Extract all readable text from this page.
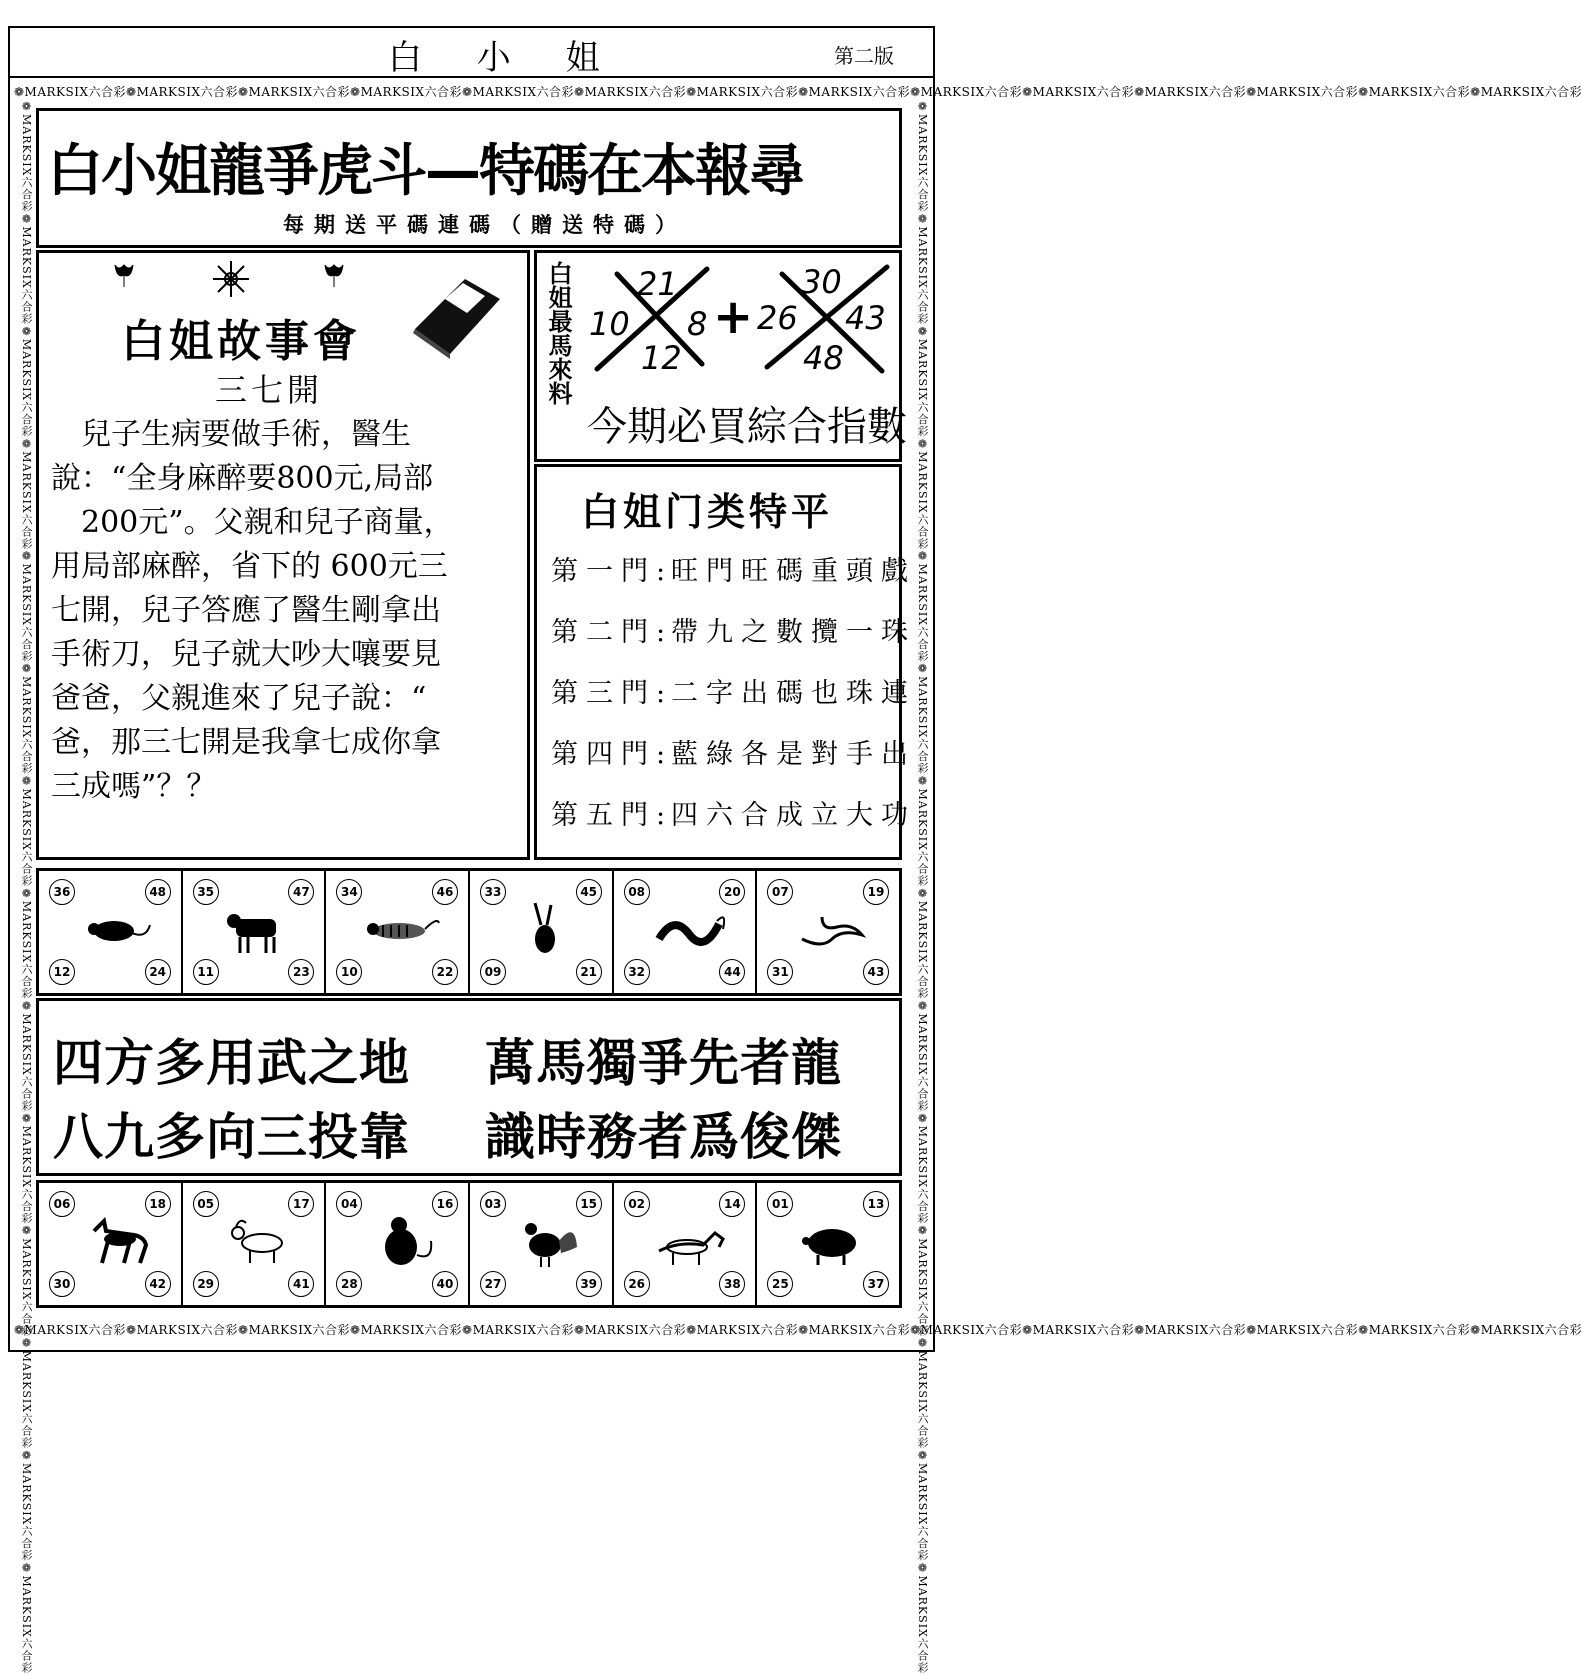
白 小 姐	第二版
❁MARKSIX六合彩❁MARKSIX六合彩❁MARKSIX六合彩❁MARKSIX六合彩❁MARKSIX六合彩❁MARKSIX六合彩❁MARKSIX六合彩❁MARKSIX六合彩❁MARKSIX六合彩❁MARKSIX六合彩❁MARKSIX六合彩❁MARKSIX六合彩❁MARKSIX六合彩❁MARKSIX六合彩
❁MARKSIX六合彩❁MARKSIX六合彩❁MARKSIX六合彩❁MARKSIX六合彩❁MARKSIX六合彩❁MARKSIX六合彩❁MARKSIX六合彩❁MARKSIX六合彩❁MARKSIX六合彩❁MARKSIX六合彩❁MARKSIX六合彩❁MARKSIX六合彩❁MARKSIX六合彩❁MARKSIX六合彩
❁MARKSIX六合彩❁MARKSIX六合彩❁MARKSIX六合彩❁MARKSIX六合彩❁MARKSIX六合彩❁MARKSIX六合彩❁MARKSIX六合彩❁MARKSIX六合彩❁MARKSIX六合彩❁MARKSIX六合彩❁MARKSIX六合彩❁MARKSIX六合彩❁MARKSIX六合彩❁MARKSIX六合彩	❁MARKSIX六合彩❁MARKSIX六合彩❁MARKSIX六合彩❁MARKSIX六合彩❁MARKSIX六合彩❁MARKSIX六合彩❁MARKSIX六合彩❁MARKSIX六合彩❁MARKSIX六合彩❁MARKSIX六合彩❁MARKSIX六合彩❁MARKSIX六合彩❁MARKSIX六合彩❁MARKSIX六合彩
白小姐龍爭虎斗—特碼在本報尋
每期送平碼連碼（贈送特碼）
白姐故事會
三七開
　兒子生病要做手術，醫生
說：“全身麻醉要800元,局部
　200元”。父親和兒子商量，
用局部麻醉，省下的 600元三
七開，兒子答應了醫生剛拿出
手術刀，兒子就大吵大嚷要見
爸爸，父親進來了兒子說：“
爸，那三七開是我拿七成你拿
三成嗎”？？
白姐最馬來料 21
10 8
12
+
30
26 43
48
今期必買綜合指數
白姐门类特平
第一門:
旺門旺碼重頭戲
第二門:
帶九之數攬一珠
第三門:
二字出碼也珠連
第四門:
藍綠各是對手出
第五門:
四六合成立大功
36	48
12	24
35	47
11	23
34	46
10	22
33	45
09	21
08	20
32	44
07	19
31	43
四方多用武之地 萬馬獨爭先者龍
八九多向三投靠 識時務者爲俊傑
06	18
30	42
05	17
29	41
04	16
28	40
03	15
27	39
02	14
26	38
01	13
25	37
